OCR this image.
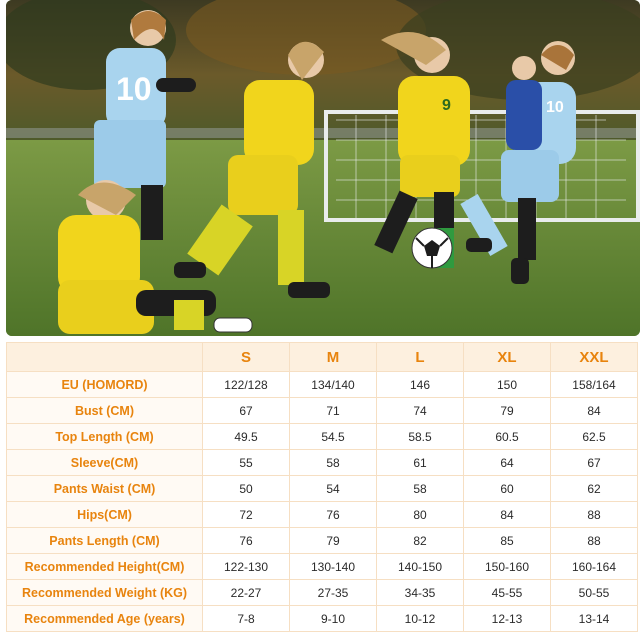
10	9	10
	S	M	L	XL	XXL
EU (HOMORD)	122/128	134/140	146	150	158/164
Bust (CM)	67	71	74	79	84
Top Length (CM)	49.5	54.5	58.5	60.5	62.5
Sleeve(CM)	55	58	61	64	67
Pants Waist (CM)	50	54	58	60	62
Hips(CM)	72	76	80	84	88
Pants Length (CM)	76	79	82	85	88
Recommended Height(CM)	122-130	130-140	140-150	150-160	160-164
Recommended Weight (KG)	22-27	27-35	34-35	45-55	50-55
Recommended Age (years)	7-8	9-10	10-12	12-13	13-14
